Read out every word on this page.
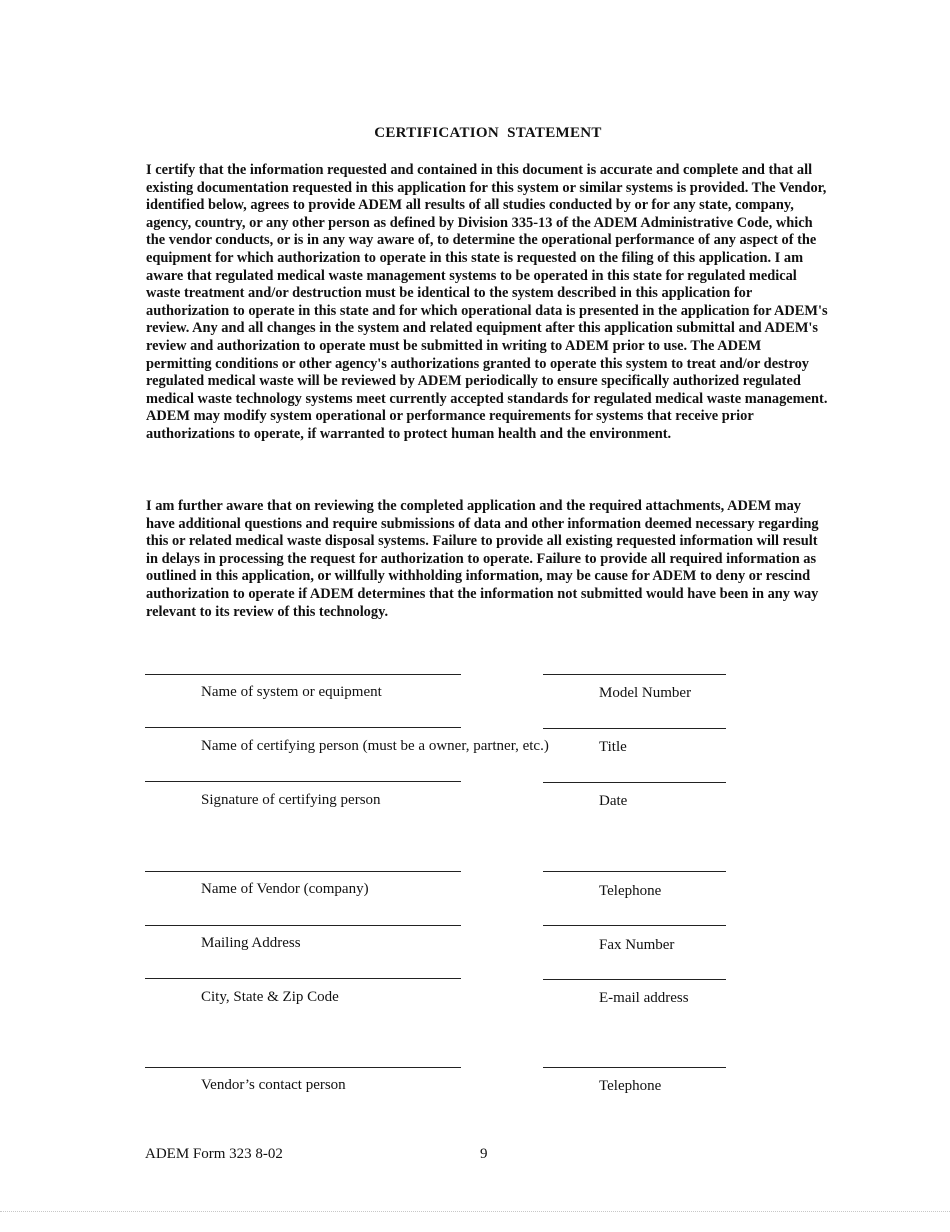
CERTIFICATION STATEMENT
I certify that the information requested and contained in this document is accurate and complete and that all existing documentation requested in this application for this system or similar systems is provided. The Vendor, identified below, agrees to provide ADEM all results of all studies conducted by or for any state, company, agency, country, or any other person as defined by Division 335-13 of the ADEM Administrative Code, which the vendor conducts, or is in any way aware of, to determine the operational performance of any aspect of the equipment for which authorization to operate in this state is requested on the filing of this application. I am aware that regulated medical waste management systems to be operated in this state for regulated medical waste treatment and/or destruction must be identical to the system described in this application for authorization to operate in this state and for which operational data is presented in the application for ADEM's review. Any and all changes in the system and related equipment after this application submittal and ADEM's review and authorization to operate must be submitted in writing to ADEM prior to use. The ADEM permitting conditions or other agency's authorizations granted to operate this system to treat and/or destroy regulated medical waste will be reviewed by ADEM periodically to ensure specifically authorized regulated medical waste technology systems meet currently accepted standards for regulated medical waste management. ADEM may modify system operational or performance requirements for systems that receive prior authorizations to operate, if warranted to protect human health and the environment.
I am further aware that on reviewing the completed application and the required attachments, ADEM may have additional questions and require submissions of data and other information deemed necessary regarding this or related medical waste disposal systems. Failure to provide all existing requested information will result in delays in processing the request for authorization to operate. Failure to provide all required information as outlined in this application, or willfully withholding information, may be cause for ADEM to deny or rescind authorization to operate if ADEM determines that the information not submitted would have been in any way relevant to its review of this technology.
Name of system or equipment	Model Number
Name of certifying person (must be a owner, partner, etc.)	Title
Signature of certifying person	Date
Name of Vendor (company)	Telephone
Mailing Address	Fax Number
City, State & Zip Code	E-mail address
Vendor’s contact person	Telephone
ADEM Form 323 8-02	9
